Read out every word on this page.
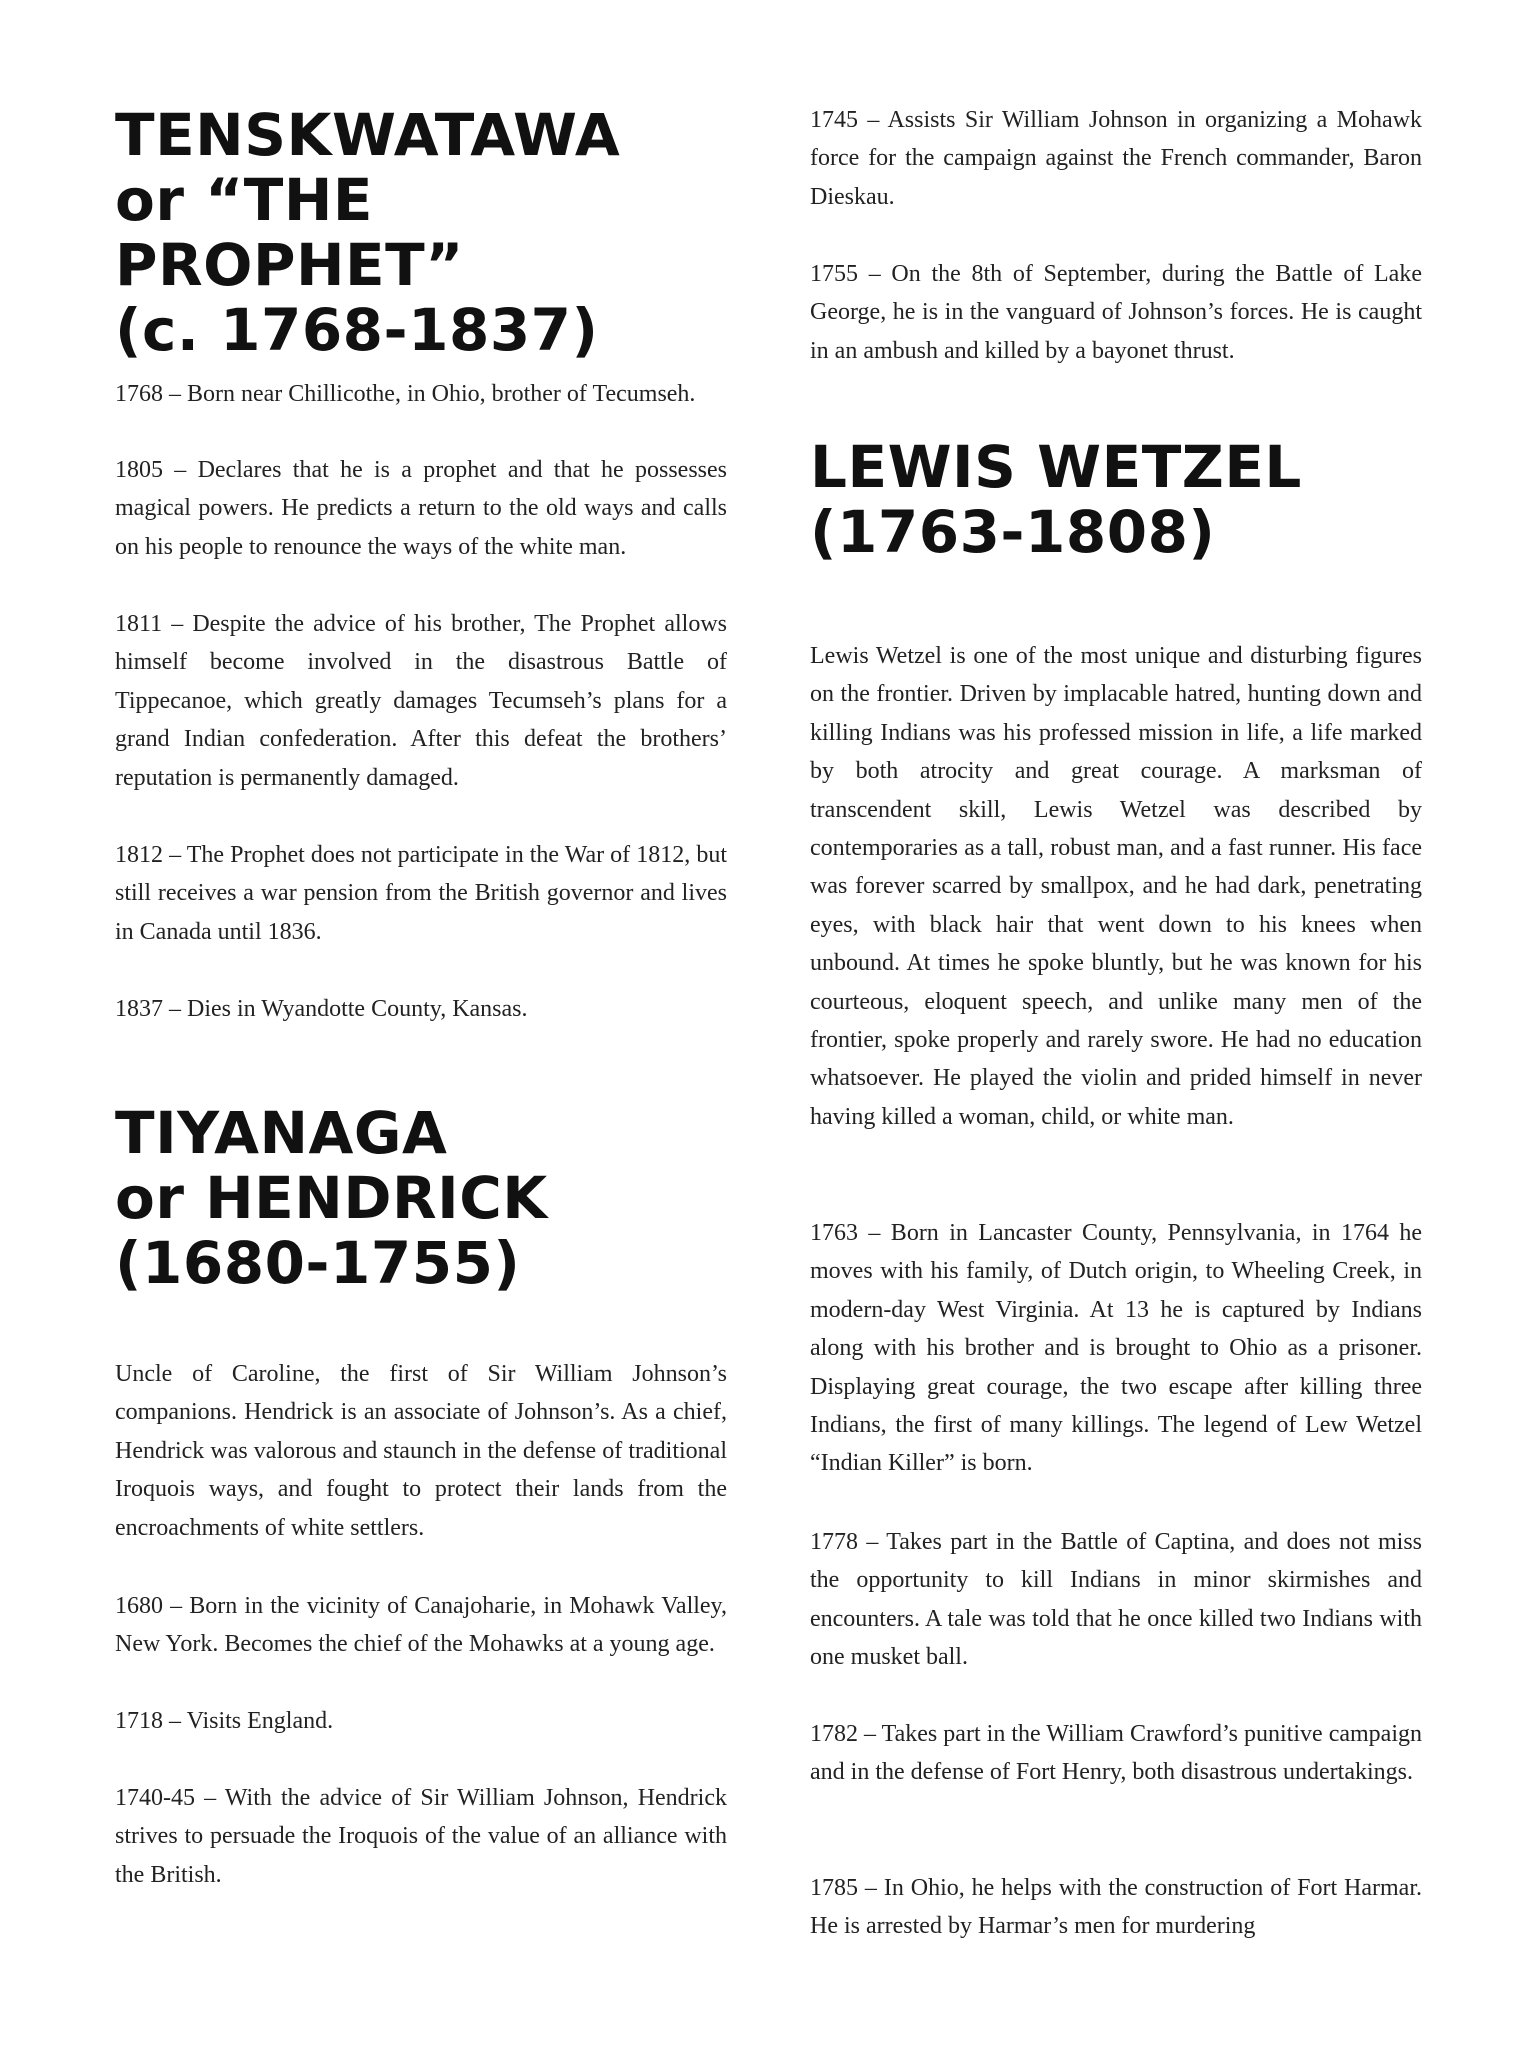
TENSKWATAWA
or “THE PROPHET”
(c. 1768-1837)

1768 – Born near Chillicothe, in Ohio, brother of Tecumseh.

1805 – Declares that he is a prophet and that he possesses magical powers. He predicts a return to the old ways and calls on his people to renounce the ways of the white man.

1811 – Despite the advice of his brother, The Prophet allows himself become involved in the disastrous Battle of Tippecanoe, which greatly damages Tecumseh’s plans for a grand Indian confederation. After this defeat the brothers’ reputation is permanently damaged.

1812 – The Prophet does not participate in the War of 1812, but still receives a war pension from the British governor and lives in Canada until 1836.

1837 – Dies in Wyandotte County, Kansas.

TIYANAGA
or HENDRICK
(1680-1755)

Uncle of Caroline, the first of Sir William Johnson’s companions. Hendrick is an associate of Johnson’s. As a chief, Hendrick was valorous and staunch in the defense of traditional Iroquois ways, and fought to protect their lands from the encroachments of white settlers.

1680 – Born in the vicinity of Canajoharie, in Mohawk Valley, New York. Becomes the chief of the Mohawks at a young age.

1718 – Visits England.

1740-45 – With the advice of Sir William Johnson, Hendrick strives to persuade the Iroquois of the value of an alliance with the British.

1745 – Assists Sir William Johnson in organizing a Mohawk force for the campaign against the French commander, Baron Dieskau.

1755 – On the 8th of September, during the Battle of Lake George, he is in the vanguard of Johnson’s forces. He is caught in an ambush and killed by a bayonet thrust.

LEWIS WETZEL
(1763-1808)

Lewis Wetzel is one of the most unique and disturbing figures on the frontier. Driven by implacable hatred, hunting down and killing Indians was his professed mission in life, a life marked by both atrocity and great courage. A marksman of transcendent skill, Lewis Wetzel was described by contemporaries as a tall, robust man, and a fast runner. His face was forever scarred by smallpox, and he had dark, penetrating eyes, with black hair that went down to his knees when unbound. At times he spoke bluntly, but he was known for his courteous, eloquent speech, and unlike many men of the frontier, spoke properly and rarely swore. He had no education whatsoever. He played the violin and prided himself in never having killed a woman, child, or white man.

1763 – Born in Lancaster County, Pennsylvania, in 1764 he moves with his family, of Dutch origin, to Wheeling Creek, in modern-day West Virginia. At 13 he is captured by Indians along with his brother and is brought to Ohio as a prisoner. Displaying great courage, the two escape after killing three Indians, the first of many killings. The legend of Lew Wetzel “Indian Killer” is born.

1778 – Takes part in the Battle of Captina, and does not miss the opportunity to kill Indians in minor skirmishes and encounters. A tale was told that he once killed two Indians with one musket ball.

1782 – Takes part in the William Crawford’s punitive campaign and in the defense of Fort Henry, both disastrous undertakings.

1785 – In Ohio, he helps with the construction of Fort Harmar. He is arrested by Harmar’s men for murdering
